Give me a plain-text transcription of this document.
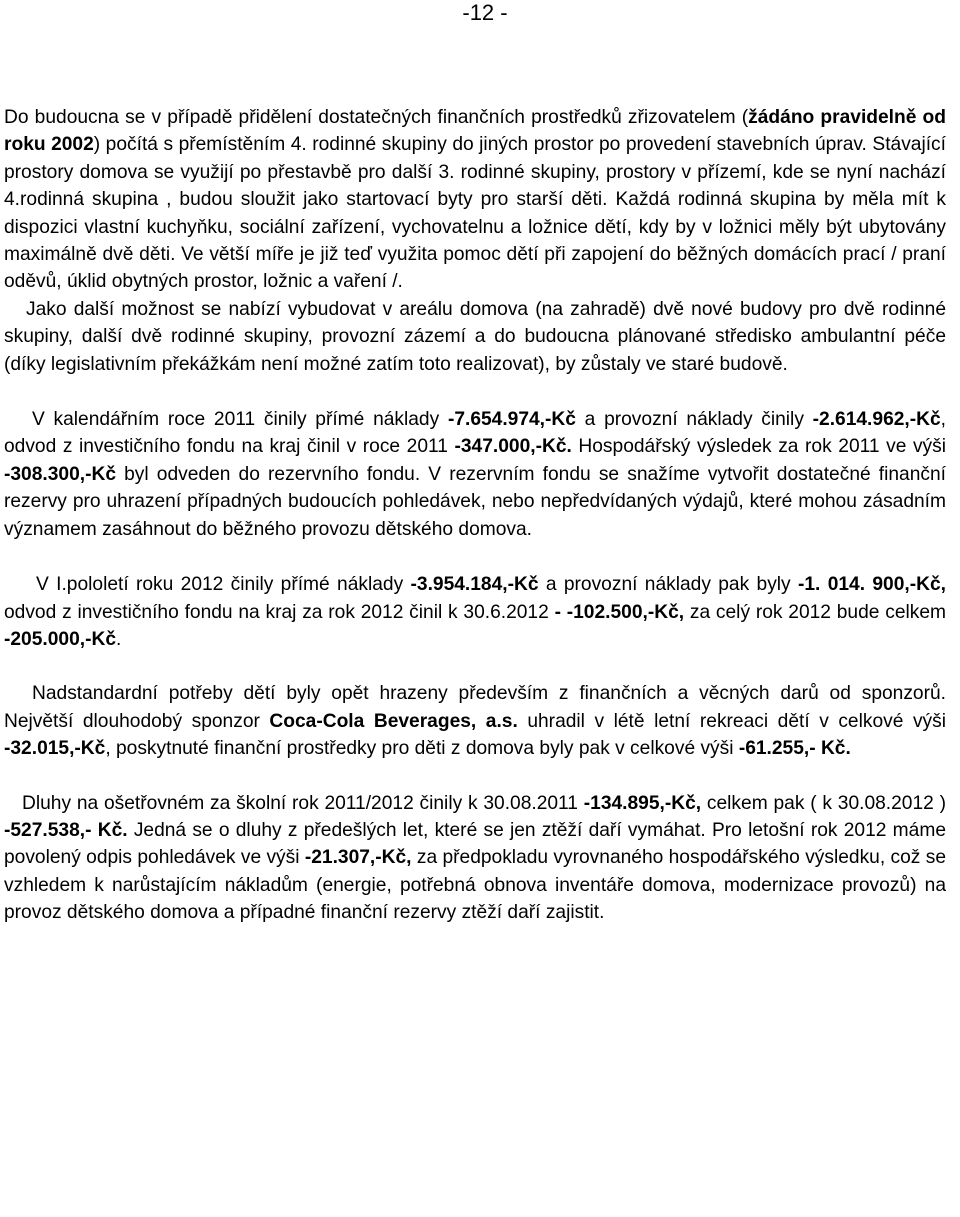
-12 -

Do budoucna se v případě přidělení dostatečných finančních prostředků zřizovatelem (žádáno pravidelně od roku 2002) počítá s přemístěním 4. rodinné skupiny do jiných prostor po provedení stavebních úprav. Stávající prostory domova se využijí po přestavbě pro další 3. rodinné skupiny, prostory v přízemí, kde se nyní nachází 4.rodinná skupina , budou sloužit jako startovací byty pro starší děti. Každá rodinná skupina by měla mít k dispozici vlastní kuchyňku, sociální zařízení, vychovatelnu a ložnice dětí, kdy by v ložnici měly být ubytovány maximálně dvě děti. Ve větší míře je již teď využita pomoc dětí při zapojení do běžných domácích prací / praní oděvů, úklid obytných prostor, ložnic a vaření /.

Jako další možnost se nabízí vybudovat v areálu domova (na zahradě) dvě nové budovy pro dvě rodinné skupiny, další dvě rodinné skupiny, provozní zázemí a do budoucna plánované středisko ambulantní péče (díky legislativním překážkám není možné zatím toto realizovat), by zůstaly ve staré budově.

V kalendářním roce 2011 činily přímé náklady -7.654.974,-Kč a provozní náklady činily -2.614.962,-Kč, odvod z investičního fondu na kraj činil v roce 2011 -347.000,-Kč. Hospodářský výsledek za rok 2011 ve výši -308.300,-Kč byl odveden do rezervního fondu. V rezervním fondu se snažíme vytvořit dostatečné finanční rezervy pro uhrazení případných budoucích pohledávek, nebo nepředvídaných výdajů, které mohou zásadním významem zasáhnout do běžného provozu dětského domova.

V I.pololetí roku 2012 činily přímé náklady -3.954.184,-Kč a provozní náklady pak byly -1. 014. 900,-Kč, odvod z investičního fondu na kraj za rok 2012 činil k 30.6.2012 - -102.500,-Kč, za celý rok 2012 bude celkem -205.000,-Kč.

Nadstandardní potřeby dětí byly opět hrazeny především z finančních a věcných darů od sponzorů. Největší dlouhodobý sponzor Coca-Cola Beverages, a.s. uhradil v létě letní rekreaci dětí v celkové výši -32.015,-Kč, poskytnuté finanční prostředky pro děti z domova byly pak v celkové výši -61.255,- Kč.

Dluhy na ošetřovném za školní rok 2011/2012 činily k 30.08.2011 -134.895,-Kč, celkem pak ( k 30.08.2012 ) -527.538,- Kč. Jedná se o dluhy z předešlých let, které se jen ztěží daří vymáhat. Pro letošní rok 2012 máme povolený odpis pohledávek ve výši -21.307,-Kč, za předpokladu vyrovnaného hospodářského výsledku, což se vzhledem k narůstajícím nákladům (energie, potřebná obnova inventáře domova, modernizace provozů) na provoz dětského domova a případné finanční rezervy ztěží daří zajistit.
